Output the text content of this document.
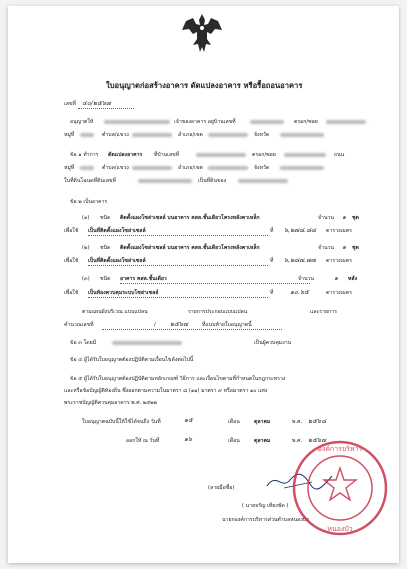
ใบอนุญาตก่อสร้างอาคาร ดัดแปลงอาคาร หรือรื้อถอนอาคาร
เลขที่ ๔๐/๒๕๖๗
อนุญาตให้	เจ้าของอาคาร อยู่บ้านเลขที่	ตรอก/ซอย
หมู่ที่	ตำบล/แขวง	อำเภอ/เขต	จังหวัด
ข้อ ๑ ทำการ ดัดแปลงอาคาร ที่บ้านเลขที่	ตรอก/ซอย	ถนน
หมู่ที่	ตำบล/แขวง	อำเภอ/เขต	จังหวัด
ในที่ดินโฉนดที่ดินเลขที่	เป็นที่ดินของ
ข้อ ๒ เป็นอาคาร
(๑) ชนิด ติดตั้งแผงโซล่าเซลล์ บนอาคาร คสล.ชั้นเดียวโครงหลังคาเหล็ก	จำนวน ๑ ชุด
เพื่อใช้ เป็นที่ติดตั้งแผงโซล่าเซลล์	ที่ ๖,๒๗๘.๘๘ ตารางเมตร
(๒) ชนิด ติดตั้งแผงโซล่าเซลล์ บนอาคาร คสล.ชั้นเดียวโครงหลังคาเหล็ก	จำนวน ๑ ชุด
เพื่อใช้ เป็นที่ติดตั้งแผงโซล่าเซลล์	ที่ ๖,๒๘๗.๗๗ ตารางเมตร
(๓) ชนิด อาคาร คสล.ชั้นเดียว	จำนวน	๑ หลัง
เพื่อใช้ เป็นห้องควบคุมระบบโซล่าเซลล์	ที่	๑๐.๖๕	ตารางเมตร
ตามแผนผังบริเวณ แบบแปลน	รายการประกอบแบบแปลน	และรายการ
คำนวณเลขที่	/ ๒๕๖๗	ที่แนบท้ายใบอนุญาตนี้
ข้อ ๓ โดยมี	เป็นผู้ควบคุมงาน
ข้อ ๔ ผู้ได้รับใบอนุญาตต้องปฏิบัติตามเงื่อนไขดังต่อไปนี้
ข้อ ๕ ผู้ได้รับใบอนุญาตต้องปฏิบัติตามหลักเกณฑ์ วิธีการ และเงื่อนไขตามที่กำหนดในกฎกระทรวง
และหรือข้อบัญญัติท้องถิ่น ซึ่งออกตามความในมาตรา ๘ (๑๑) มาตรา ๙ หรือมาตรา ๑๐ แห่ง
พระราชบัญญัติควบคุมอาคาร พ.ศ. ๒๕๒๒
ใบอนุญาตฉบับนี้ให้ใช้ได้จนถึง วันที่	๑๕	เดือน	ตุลาคม	พ.ศ. ๒๕๖๘
ออกให้ ณ วันที่	๑๖	เดือน	ตุลาคม	พ.ศ. ๒๕๖๗
(ลายมือชื่อ)
( นายจรัญ เทียงชัด )
นายกองค์การบริหารส่วนตำบลหนองบัว
องค์การบริหาร
หนองบัว
